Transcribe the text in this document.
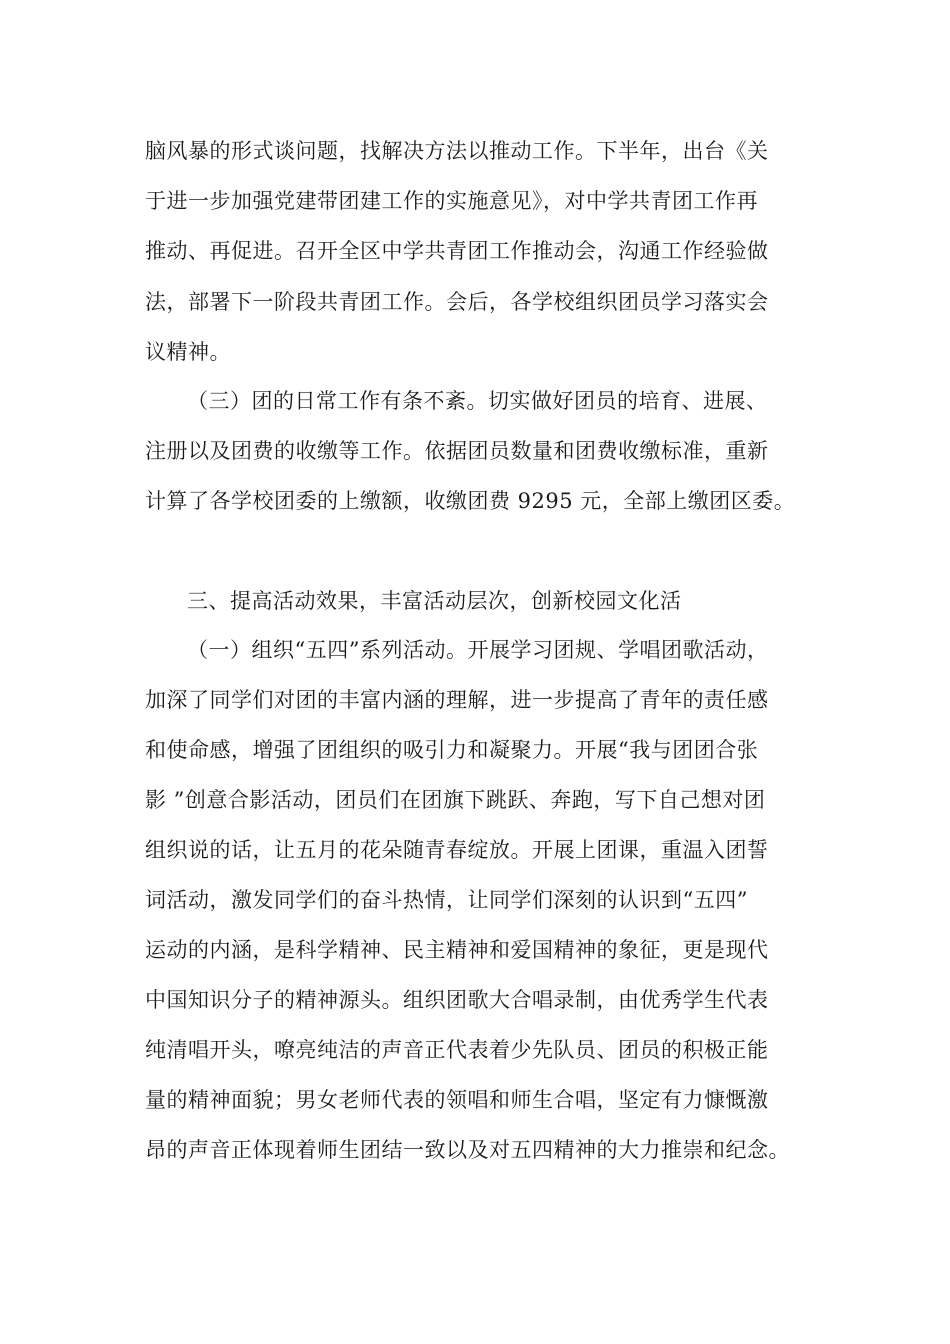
脑风暴的形式谈问题，找解决方法以推动工作。下半年，出台《关
于进一步加强党建带团建工作的实施意见》，对中学共青团工作再
推动、再促进。召开全区中学共青团工作推动会，沟通工作经验做
法，部署下一阶段共青团工作。会后，各学校组织团员学习落实会
议精神。
（三）团的日常工作有条不紊。切实做好团员的培育、进展、
注册以及团费的收缴等工作。依据团员数量和团费收缴标准，重新
计算了各学校团委的上缴额，收缴团费 9295 元，全部上缴团区委。
三、提高活动效果，丰富活动层次，创新校园文化活
（一）组织“五四”系列活动。开展学习团规、学唱团歌活动，
加深了同学们对团的丰富内涵的理解，进一步提高了青年的责任感
和使命感，增强了团组织的吸引力和凝聚力。开展“我与团团合张
影 ”创意合影活动，团员们在团旗下跳跃、奔跑，写下自己想对团
组织说的话，让五月的花朵随青春绽放。开展上团课，重温入团誓
词活动，激发同学们的奋斗热情，让同学们深刻的认识到“五四”
运动的内涵，是科学精神、民主精神和爱国精神的象征，更是现代
中国知识分子的精神源头。组织团歌大合唱录制，由优秀学生代表
纯清唱开头，嘹亮纯洁的声音正代表着少先队员、团员的积极正能
量的精神面貌；男女老师代表的领唱和师生合唱，坚定有力慷慨激
昂的声音正体现着师生团结一致以及对五四精神的大力推崇和纪念。
